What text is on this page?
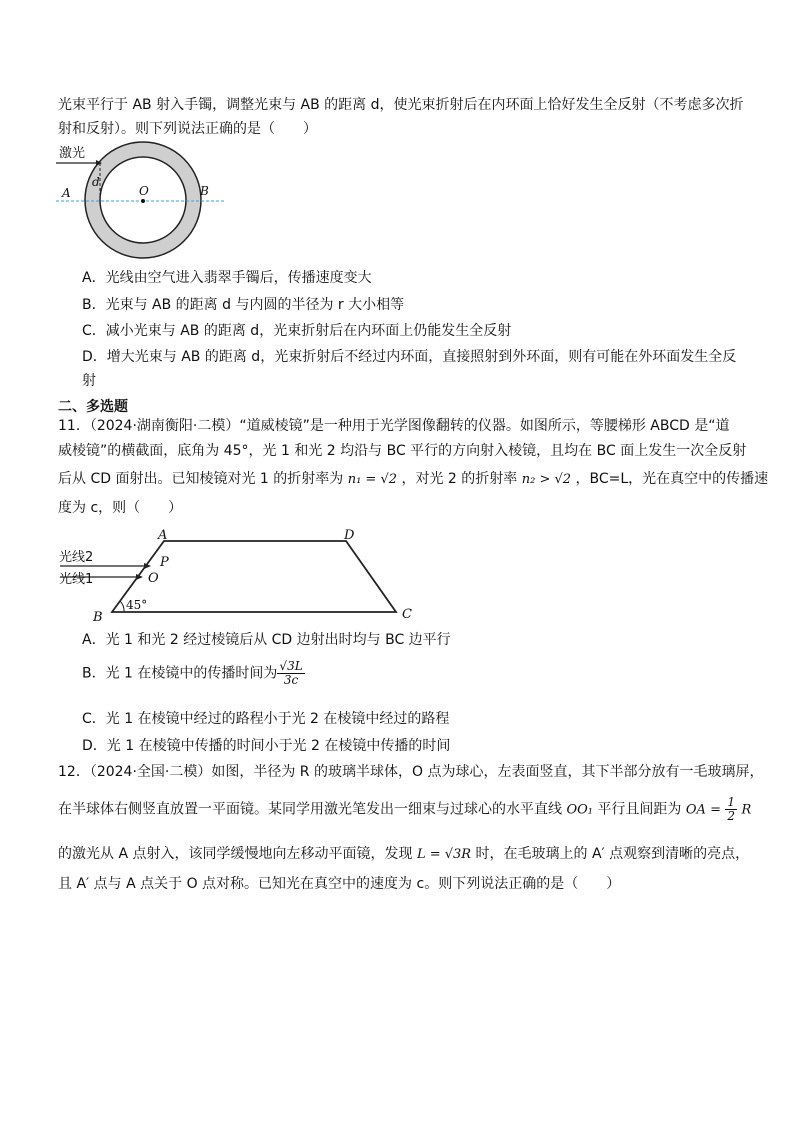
光束平行于 AB 射入手镯，调整光束与 AB 的距离 d，使光束折射后在内环面上恰好发生全反射（不考虑多次折
射和反射）。则下列说法正确的是（　　）
激光
d
A	O	B
A．光线由空气进入翡翠手镯后，传播速度变大
B．光束与 AB 的距离 d 与内圆的半径为 r 大小相等
C．减小光束与 AB 的距离 d，光束折射后在内环面上仍能发生全反射
D．增大光束与 AB 的距离 d，光束折射后不经过内环面，直接照射到外环面，则有可能在外环面发生全反
射
二、多选题
11．（2024·湖南衡阳·二模）“道威棱镜”是一种用于光学图像翻转的仪器。如图所示，等腰梯形 ABCD 是“道
威棱镜”的横截面，底角为 45°，光 1 和光 2 均沿与 BC 平行的方向射入棱镜，且均在 BC 面上发生一次全反射
后从 CD 面射出。已知棱镜对光 1 的折射率为 n₁ = √2 ，对光 2 的折射率 n₂ > √2 ，BC=L，光在真空中的传播速
度为 c，则（　　）
A	D
B	C
P
O
光线2
光线1
45°
A．光 1 和光 2 经过棱镜后从 CD 边射出时均与 BC 边平行
B．光 1 在棱镜中的传播时间为 $\frac{√3L}{3c}$
C．光 1 在棱镜中经过的路程小于光 2 在棱镜中经过的路程
D．光 1 在棱镜中传播的时间小于光 2 在棱镜中传播的时间
12．（2024·全国·二模）如图，半径为 R 的玻璃半球体，O 点为球心，左表面竖直，其下半部分放有一毛玻璃屏，
在半球体右侧竖直放置一平面镜。某同学用激光笔发出一细束与过球心的水平直线 OO₁ 平行且间距为 OA = $\frac{1}{2}$ R
的激光从 A 点射入，该同学缓慢地向左移动平面镜，发现 L = √3R 时，在毛玻璃上的 A′ 点观察到清晰的亮点，
且 A′ 点与 A 点关于 O 点对称。已知光在真空中的速度为 c。则下列说法正确的是（　　）
